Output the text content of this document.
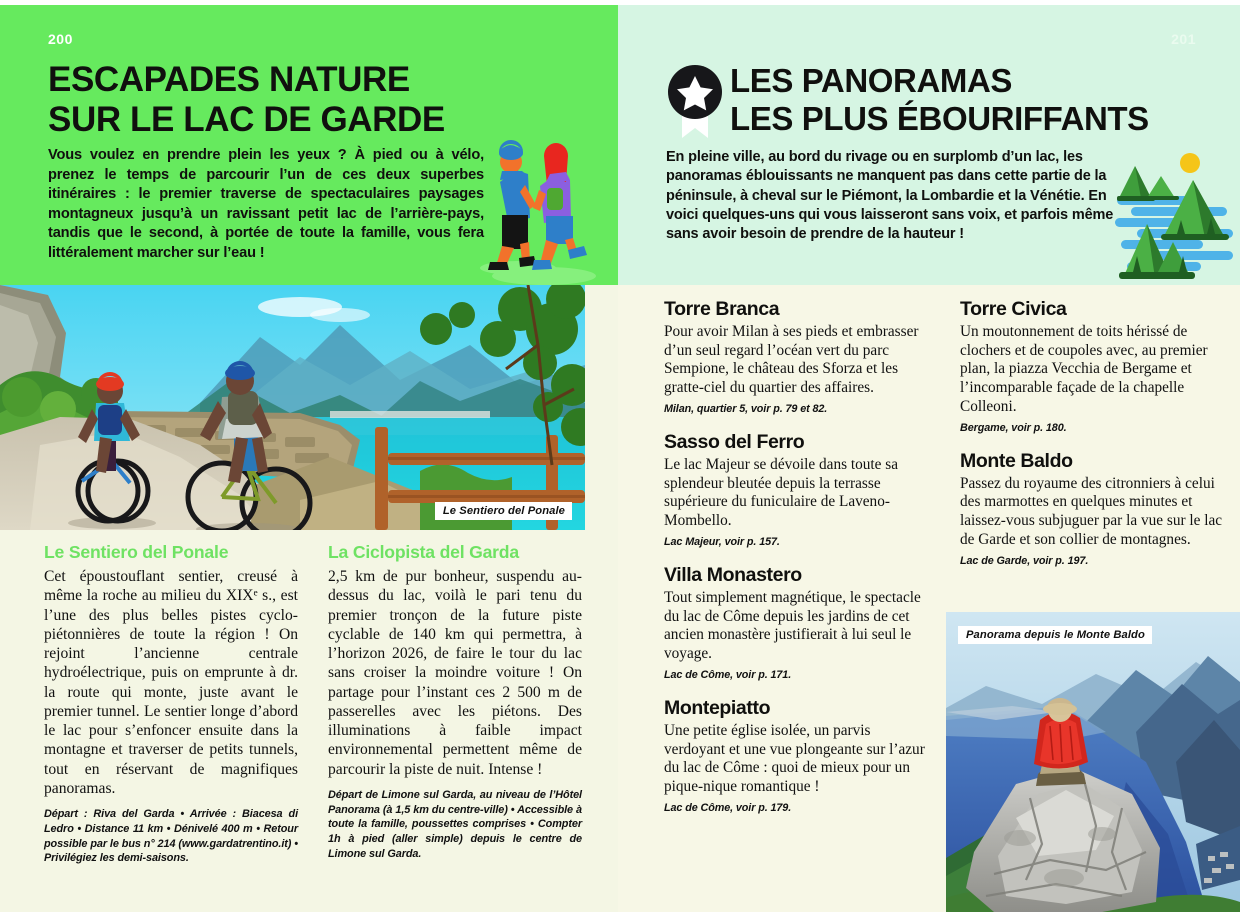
200
ESCAPADES NATURE
SUR LE LAC DE GARDE
Vous voulez en prendre plein les yeux ? À pied ou à vélo, prenez le temps de parcourir l’un de ces deux superbes itinéraires : le premier traverse de spectaculaires paysages montagneux jusqu’à un ravissant petit lac de l’arrière-pays, tandis que le second, à portée de toute la famille, vous fera littéralement marcher sur l’eau !
Le Sentiero del Ponale
Le Sentiero del Ponale
Cet époustouflant sentier, creusé à même la roche au milieu du XIXᵉ s., est l’une des plus belles pistes cyclo-piétonnières de toute la région ! On rejoint l’ancienne centrale hydroélectrique, puis on emprunte à dr. la route qui monte, juste avant le premier tunnel. Le sentier longe d’abord le lac pour s’enfoncer ensuite dans la montagne et traverser de petits tunnels, tout en réservant de magnifiques panoramas.
Départ : Riva del Garda • Arrivée : Biacesa di Ledro • Distance 11 km • Dénivelé 400 m • Retour possible par le bus n° 214 (www.gardatrentino.it) • Privilégiez les demi-saisons.
La Ciclopista del Garda
2,5 km de pur bonheur, suspendu au-dessus du lac, voilà le pari tenu du premier tronçon de la future piste cyclable de 140 km qui permettra, à l’horizon 2026, de faire le tour du lac sans croiser la moindre voiture ! On partage pour l’instant ces 2 500 m de passerelles avec les piétons. Des illuminations à faible impact environnemental permettent même de parcourir la piste de nuit. Intense !
Départ de Limone sul Garda, au niveau de l’Hôtel Panorama (à 1,5 km du centre-ville) • Accessible à toute la famille, poussettes comprises • Compter 1h à pied (aller simple) depuis le centre de Limone sul Garda.
201
LES PANORAMAS
LES PLUS ÉBOURIFFANTS
En pleine ville, au bord du rivage ou en surplomb d’un lac, les panoramas éblouissants ne manquent pas dans cette partie de la péninsule, à cheval sur le Piémont, la Lombardie et la Vénétie. En voici quelques-uns qui vous laisseront sans voix, et parfois même sans avoir besoin de prendre de la hauteur !
Torre Branca
Pour avoir Milan à ses pieds et embrasser d’un seul regard l’océan vert du parc Sempione, le château des Sforza et les gratte-ciel du quartier des affaires.
Milan, quartier 5, voir p. 79 et 82.
Sasso del Ferro
Le lac Majeur se dévoile dans toute sa splendeur bleutée depuis la terrasse supérieure du funiculaire de Laveno-Mombello.
Lac Majeur, voir p. 157.
Villa Monastero
Tout simplement magnétique, le spectacle du lac de Côme depuis les jardins de cet ancien monastère justifierait à lui seul le voyage.
Lac de Côme, voir p. 171.
Montepiatto
Une petite église isolée, un parvis verdoyant et une vue plongeante sur l’azur du lac de Côme : quoi de mieux pour un pique-nique romantique !
Lac de Côme, voir p. 179.
Torre Civica
Un moutonnement de toits hérissé de clochers et de coupoles avec, au premier plan, la piazza Vecchia de Bergame et l’incomparable façade de la chapelle Colleoni.
Bergame, voir p. 180.
Monte Baldo
Passez du royaume des citronniers à celui des marmottes en quelques minutes et laissez-vous subjuguer par la vue sur le lac de Garde et son collier de montagnes.
Lac de Garde, voir p. 197.
Panorama depuis le Monte Baldo
